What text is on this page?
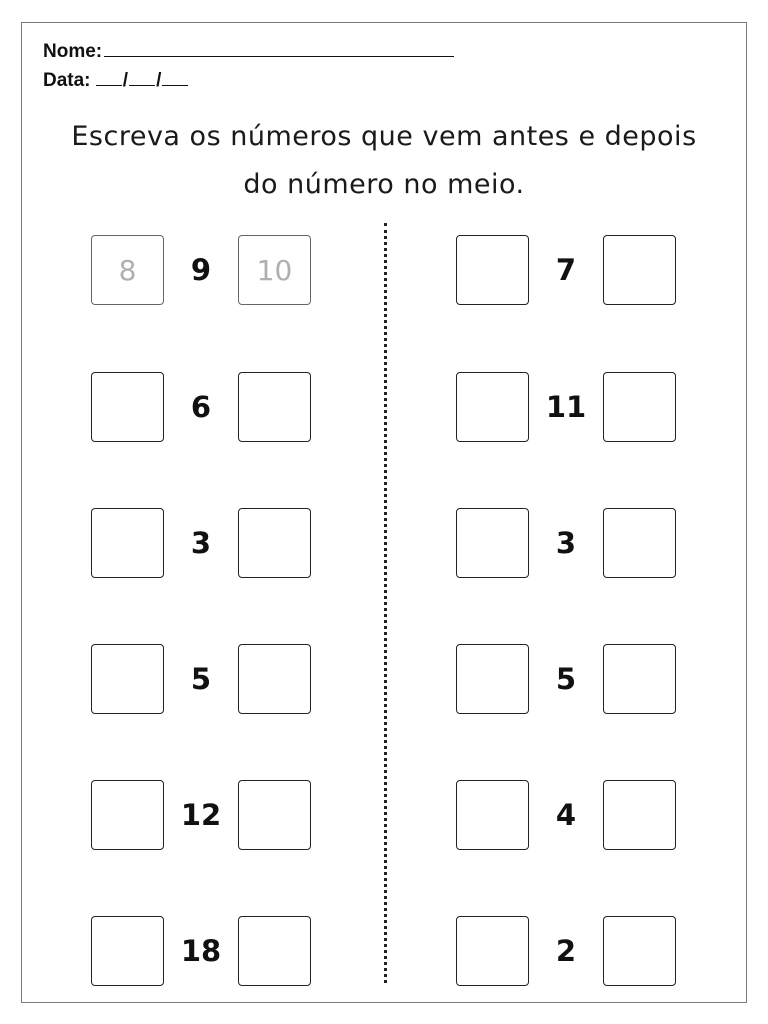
Nome:
Data: / /
Escreva os números que vem antes e depois
do número no meio.
8	9	10
6
3
5
12
18
7
11
3
5
4
2
